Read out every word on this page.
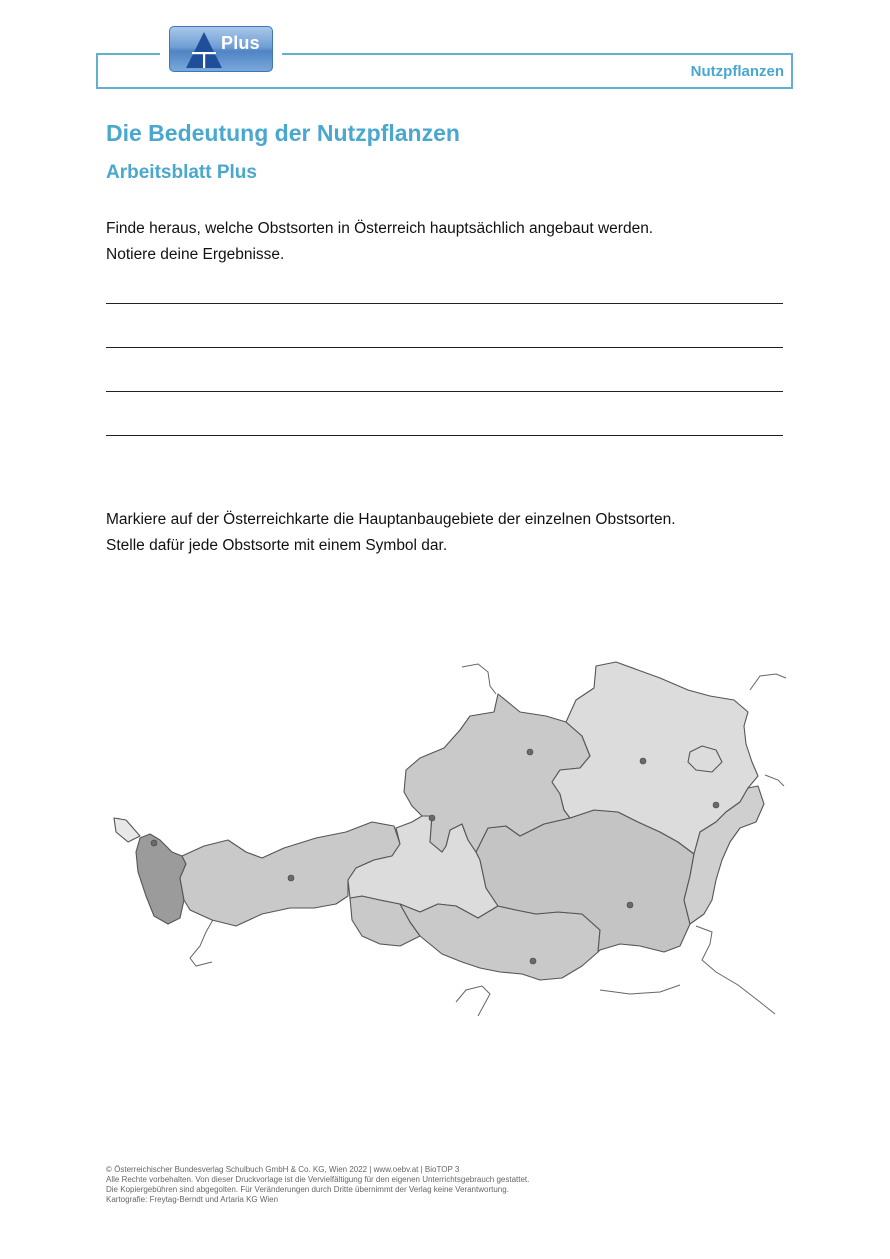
Plus
Nutzpflanzen
Die Bedeutung der Nutzpflanzen
Arbeitsblatt Plus

Finde heraus, welche Obstsorten in Österreich hauptsächlich angebaut werden.

Notiere deine Ergebnisse.

Markiere auf der Österreichkarte die Hauptanbaugebiete der einzelnen Obstsorten.

Stelle dafür jede Obstsorte mit einem Symbol dar.

© Österreichischer Bundesverlag Schulbuch GmbH & Co. KG, Wien 2022 | www.oebv.at | BioTOP 3

Alle Rechte vorbehalten. Von dieser Druckvorlage ist die Vervielfältigung für den eigenen Unterrichtsgebrauch gestattet.

Die Kopiergebühren sind abgegolten. Für Veränderungen durch Dritte übernimmt der Verlag keine Verantwortung.

Kartografie: Freytag-Berndt und Artaria KG Wien
